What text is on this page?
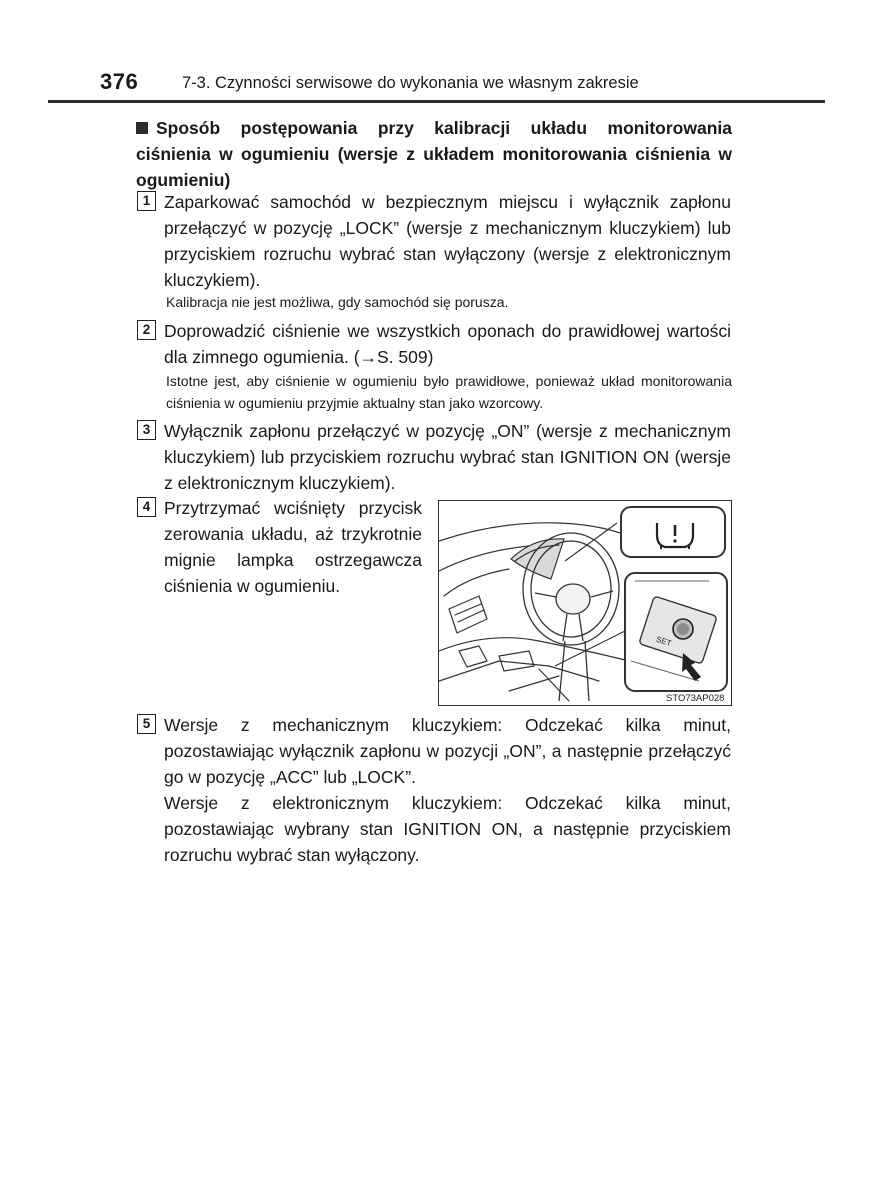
376	7-3. Czynności serwisowe do wykonania we własnym zakresie
Sposób postępowania przy kalibracji układu monitorowania ciśnienia w ogumieniu (wersje z układem monitorowania ciśnienia w ogumieniu)
1 Zaparkować samochód w bezpiecznym miejscu i wyłącznik zapłonu przełączyć w pozycję „LOCK” (wersje z mechanicznym kluczykiem) lub przyciskiem rozruchu wybrać stan wyłączony (wersje z elektronicznym kluczykiem).
Kalibracja nie jest możliwa, gdy samochód się porusza.
2 Doprowadzić ciśnienie we wszystkich oponach do prawidłowej wartości dla zimnego ogumienia. (→S. 509)
Istotne jest, aby ciśnienie w ogumieniu było prawidłowe, ponieważ układ monitorowania ciśnienia w ogumieniu przyjmie aktualny stan jako wzorcowy.
3 Wyłącznik zapłonu przełączyć w pozycję „ON” (wersje z mechanicznym kluczykiem) lub przyciskiem rozruchu wybrać stan IGNITION ON (wersje z elektronicznym kluczykiem).
4 Przytrzymać wciśnięty przycisk zerowania układu, aż trzykrotnie mignie lampka ostrzegawcza ciśnienia w ogumieniu.
SET
STO73AP028
5 Wersje z mechanicznym kluczykiem: Odczekać kilka minut, pozostawiając wyłącznik zapłonu w pozycji „ON”, a następnie przełączyć go w pozycję „ACC” lub „LOCK”.
Wersje z elektronicznym kluczykiem: Odczekać kilka minut, pozostawiając wybrany stan IGNITION ON, a następnie przyciskiem rozruchu wybrać stan wyłączony.
